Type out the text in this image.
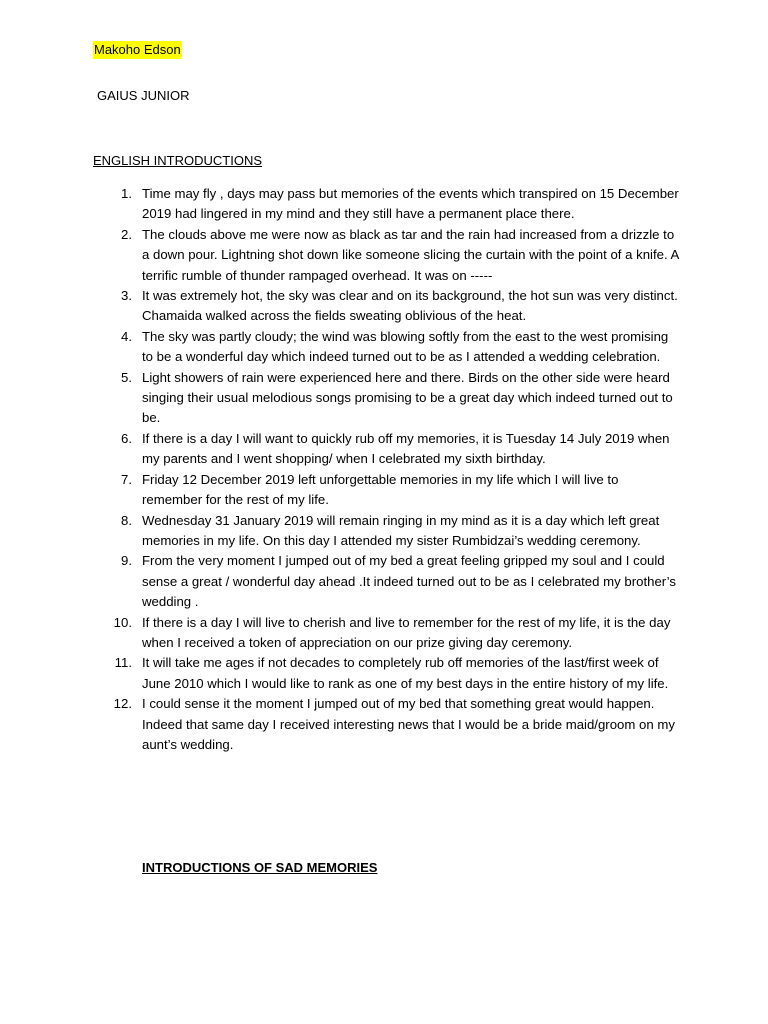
Makoho Edson
GAIUS JUNIOR
ENGLISH INTRODUCTIONS
1. Time may fly , days may pass but memories of the events which transpired on 15 December 2019 had lingered in my mind and they still have a permanent place there.
2. The clouds above me were now as black as tar and the rain had increased from a drizzle to a down pour. Lightning shot down like someone slicing the curtain with the point of a knife. A terrific rumble of thunder rampaged overhead. It was on -----
3. It was extremely hot, the sky was clear and on its background, the hot sun was very distinct. Chamaida walked across the fields sweating oblivious of the heat.
4. The sky was partly cloudy; the wind was blowing softly from the east to the west promising to be a wonderful day which indeed turned out to be as I attended a wedding celebration.
5. Light showers of rain were experienced here and there. Birds on the other side were heard singing their usual melodious songs promising to be a great day which indeed turned out to be.
6. If there is a day I will want to quickly rub off my memories, it is Tuesday 14 July 2019 when my parents and I went shopping/ when I celebrated my sixth birthday.
7. Friday 12 December 2019 left unforgettable memories in my life which I will live to remember for the rest of my life.
8. Wednesday 31 January 2019 will remain ringing in my mind as it is a day which left great memories in my life. On this day I attended my sister Rumbidzai’s wedding ceremony.
9. From the very moment I jumped out of my bed a great feeling gripped my soul and I could sense a great / wonderful day ahead .It indeed turned out to be as I celebrated my brother’s wedding .
10. If there is a day I will live to cherish and live to remember for the rest of my life, it is the day when I received a token of appreciation on our prize giving day ceremony.
11. It will take me ages if not decades to completely rub off memories of the last/first week of June 2010 which I would like to rank as one of my best days in the entire history of my life.
12. I could sense it the moment I jumped out of my bed that something great would happen. Indeed that same day I received interesting news that I would be a bride maid/groom on my aunt’s wedding.
INTRODUCTIONS OF SAD MEMORIES
